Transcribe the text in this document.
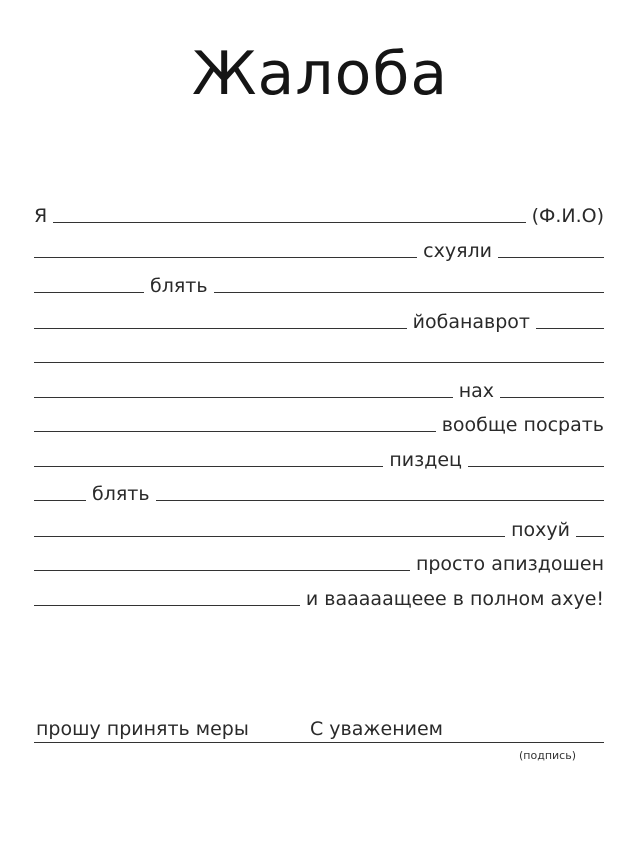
Жалоба
Я	(Ф.И.О)
схуяли
блять
йобанаврот
нах
вообще посрать
пиздец
блять
похуй
просто апиздошен
и вааааащеее в полном ахуе!
прошу принять меры	С уважением
(подпись)
